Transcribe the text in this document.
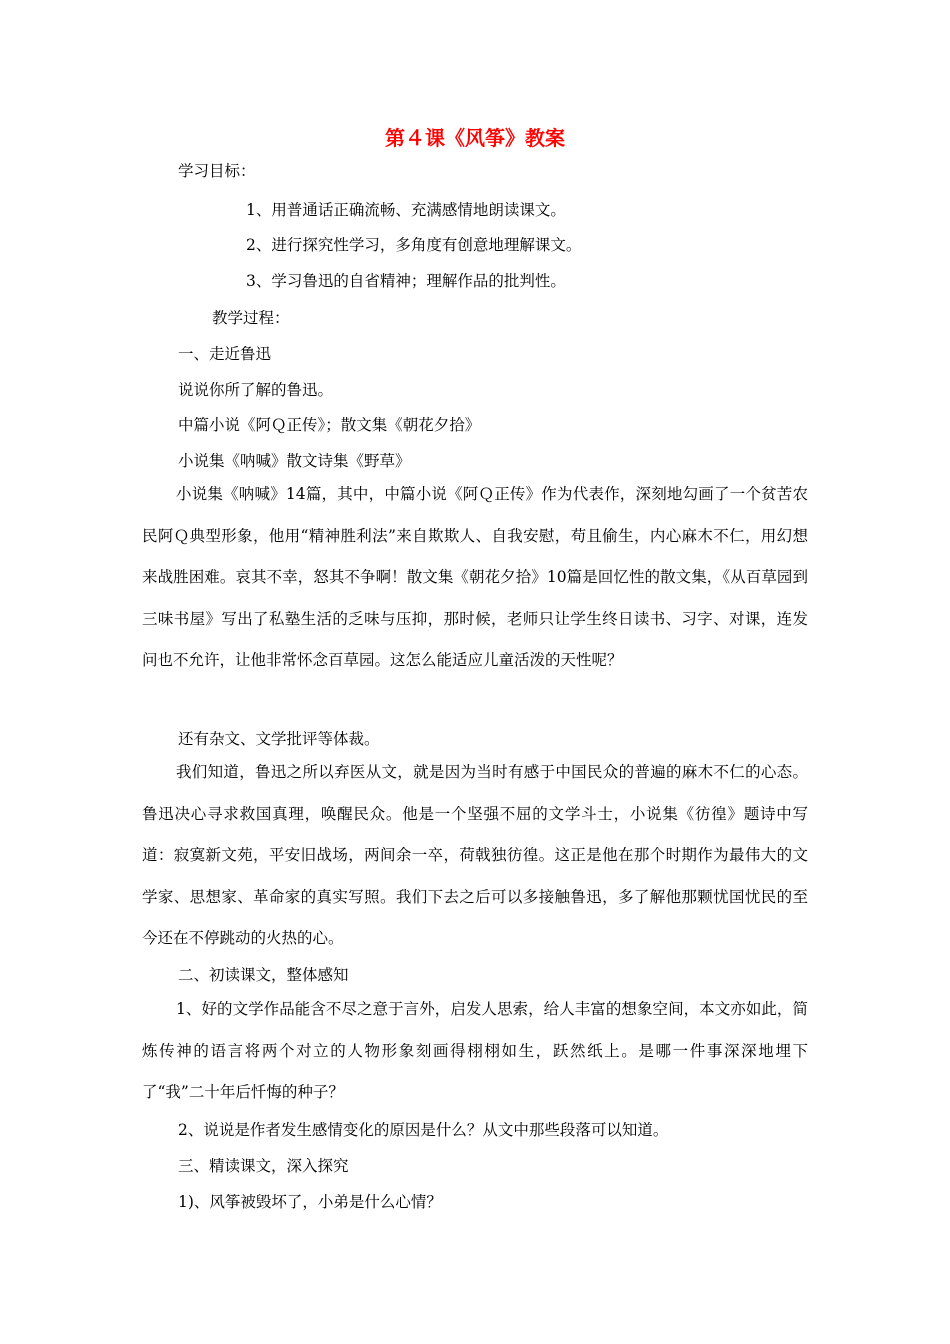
第４课《风筝》教案
学习目标：
1、用普通话正确流畅、充满感情地朗读课文。
2、进行探究性学习，多角度有创意地理解课文。
3、学习鲁迅的自省精神；理解作品的批判性。
教学过程：
一、走近鲁迅
说说你所了解的鲁迅。
中篇小说《阿Ｑ正传》；散文集《朝花夕拾》
小说集《呐喊》散文诗集《野草》
小说集《呐喊》14篇，其中，中篇小说《阿Ｑ正传》作为代表作，深刻地勾画了一个贫苦农民阿Ｑ典型形象，他用“精神胜利法”来自欺欺人、自我安慰，苟且偷生，内心麻木不仁，用幻想来战胜困难。哀其不幸，怒其不争啊！散文集《朝花夕拾》10篇是回忆性的散文集，《从百草园到三味书屋》写出了私塾生活的乏味与压抑，那时候，老师只让学生终日读书、习字、对课，连发问也不允许，让他非常怀念百草园。这怎么能适应儿童活泼的天性呢？
还有杂文、文学批评等体裁。
我们知道，鲁迅之所以弃医从文，就是因为当时有感于中国民众的普遍的麻木不仁的心态。鲁迅决心寻求救国真理，唤醒民众。他是一个坚强不屈的文学斗士，小说集《彷徨》题诗中写道：寂寞新文苑，平安旧战场，两间余一卒，荷戟独彷徨。这正是他在那个时期作为最伟大的文学家、思想家、革命家的真实写照。我们下去之后可以多接触鲁迅，多了解他那颗忧国忧民的至今还在不停跳动的火热的心。
二、初读课文，整体感知
1、好的文学作品能含不尽之意于言外，启发人思索，给人丰富的想象空间，本文亦如此，简炼传神的语言将两个对立的人物形象刻画得栩栩如生，跃然纸上。是哪一件事深深地埋下了“我”二十年后忏悔的种子？
2、说说是作者发生感情变化的原因是什么？从文中那些段落可以知道。
三、精读课文，深入探究
1)、风筝被毁坏了，小弟是什么心情？
